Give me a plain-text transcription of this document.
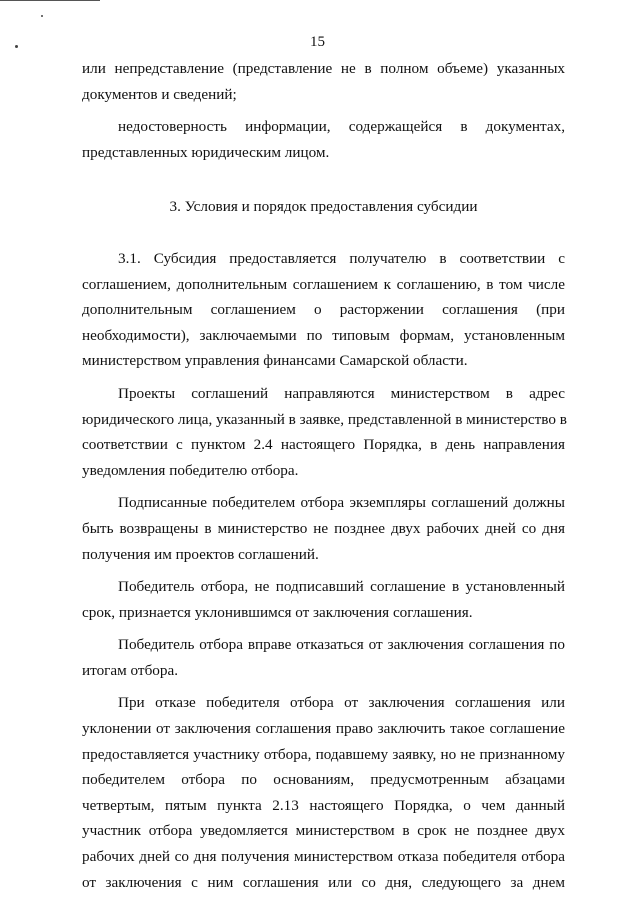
15

или непредставление (представление не в полном объеме) указанных
документов и сведений;

недостоверность информации, содержащейся в документах,
представленных юридическим лицом.

3. Условия и порядок предоставления субсидии

3.1. Субсидия предоставляется получателю в соответствии с
соглашением, дополнительным соглашением к соглашению, в том числе
дополнительным соглашением о расторжении соглашения (при
необходимости), заключаемыми по типовым формам, установленным
министерством управления финансами Самарской области.

Проекты соглашений направляются министерством в адрес
юридического лица, указанный в заявке, представленной в министерство в
соответствии с пунктом 2.4 настоящего Порядка, в день направления
уведомления победителю отбора.

Подписанные победителем отбора экземпляры соглашений должны
быть возвращены в министерство не позднее двух рабочих дней со дня
получения им проектов соглашений.

Победитель отбора, не подписавший соглашение в установленный
срок, признается уклонившимся от заключения соглашения.

Победитель отбора вправе отказаться от заключения соглашения по
итогам отбора.

При отказе победителя отбора от заключения соглашения или
уклонении от заключения соглашения право заключить такое соглашение
предоставляется участнику отбора, подавшему заявку, но не признанному
победителем отбора по основаниям, предусмотренным абзацами
четвертым, пятым пункта 2.13 настоящего Порядка, о чем данный
участник отбора уведомляется министерством в срок не позднее двух
рабочих дней со дня получения министерством отказа победителя отбора
от заключения с ним соглашения или со дня, следующего за днем
